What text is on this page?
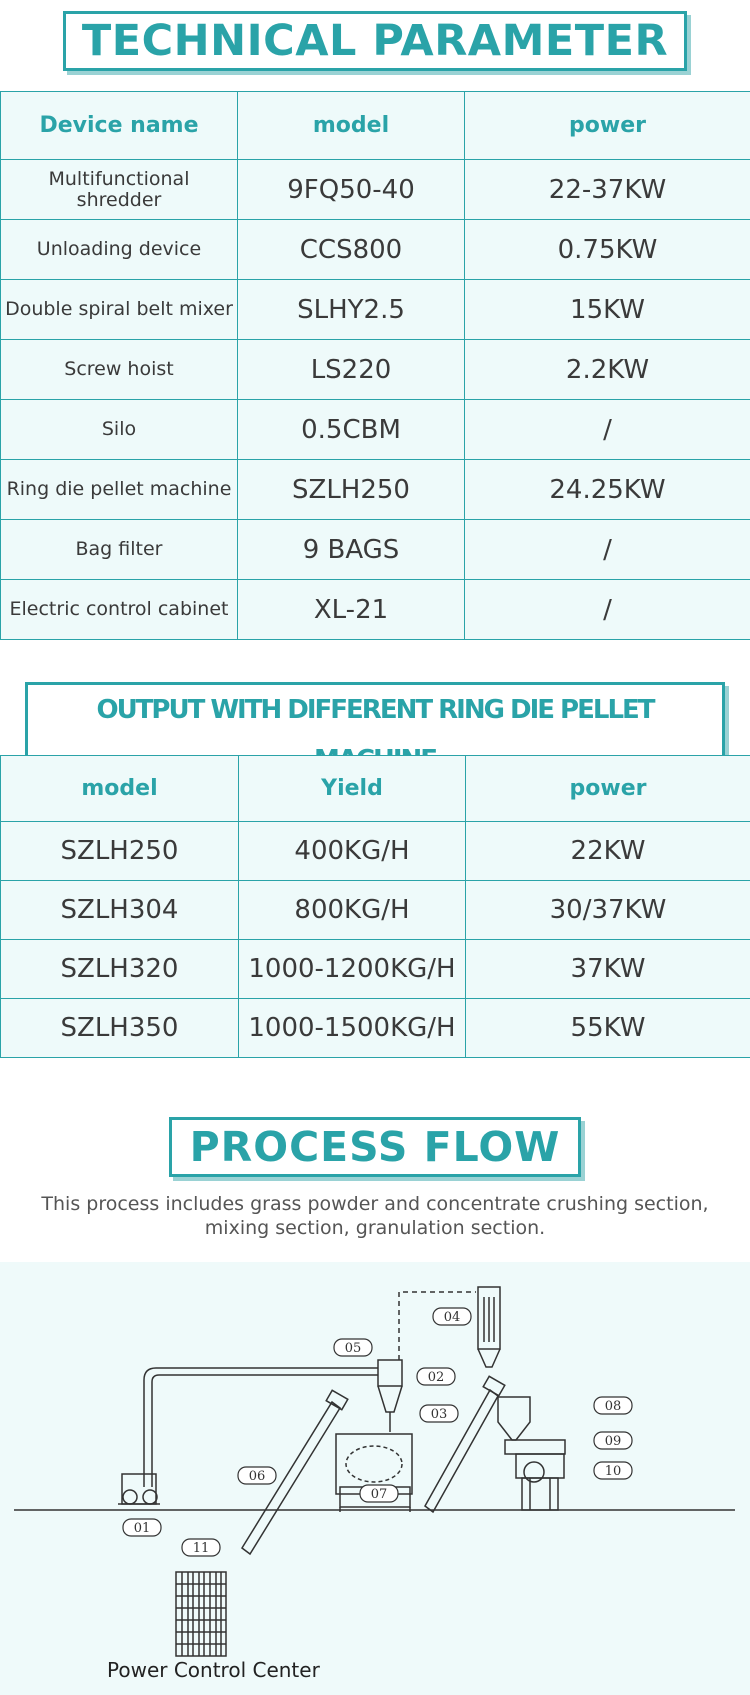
TECHNICAL PARAMETER
Device name	model	power
Multifunctional shredder	9FQ50-40	22-37KW
Unloading device	CCS800	0.75KW
Double spiral belt mixer	SLHY2.5	15KW
Screw hoist	LS220	2.2KW
Silo	0.5CBM	/
Ring die pellet machine	SZLH250	24.25KW
Bag filter	9 BAGS	/
Electric control cabinet	XL-21	/
OUTPUT WITH DIFFERENT RING DIE PELLET
model	Yield	power
SZLH250	400KG/H	22KW
SZLH304	800KG/H	30/37KW
SZLH320	1000-1200KG/H	37KW
SZLH350	1000-1500KG/H	55KW
PROCESS FLOW
This process includes grass powder and concentrate crushing section, mixing section, granulation section.
01
02
03
04
05
06
07
08
09
10
11
Power Control Center
